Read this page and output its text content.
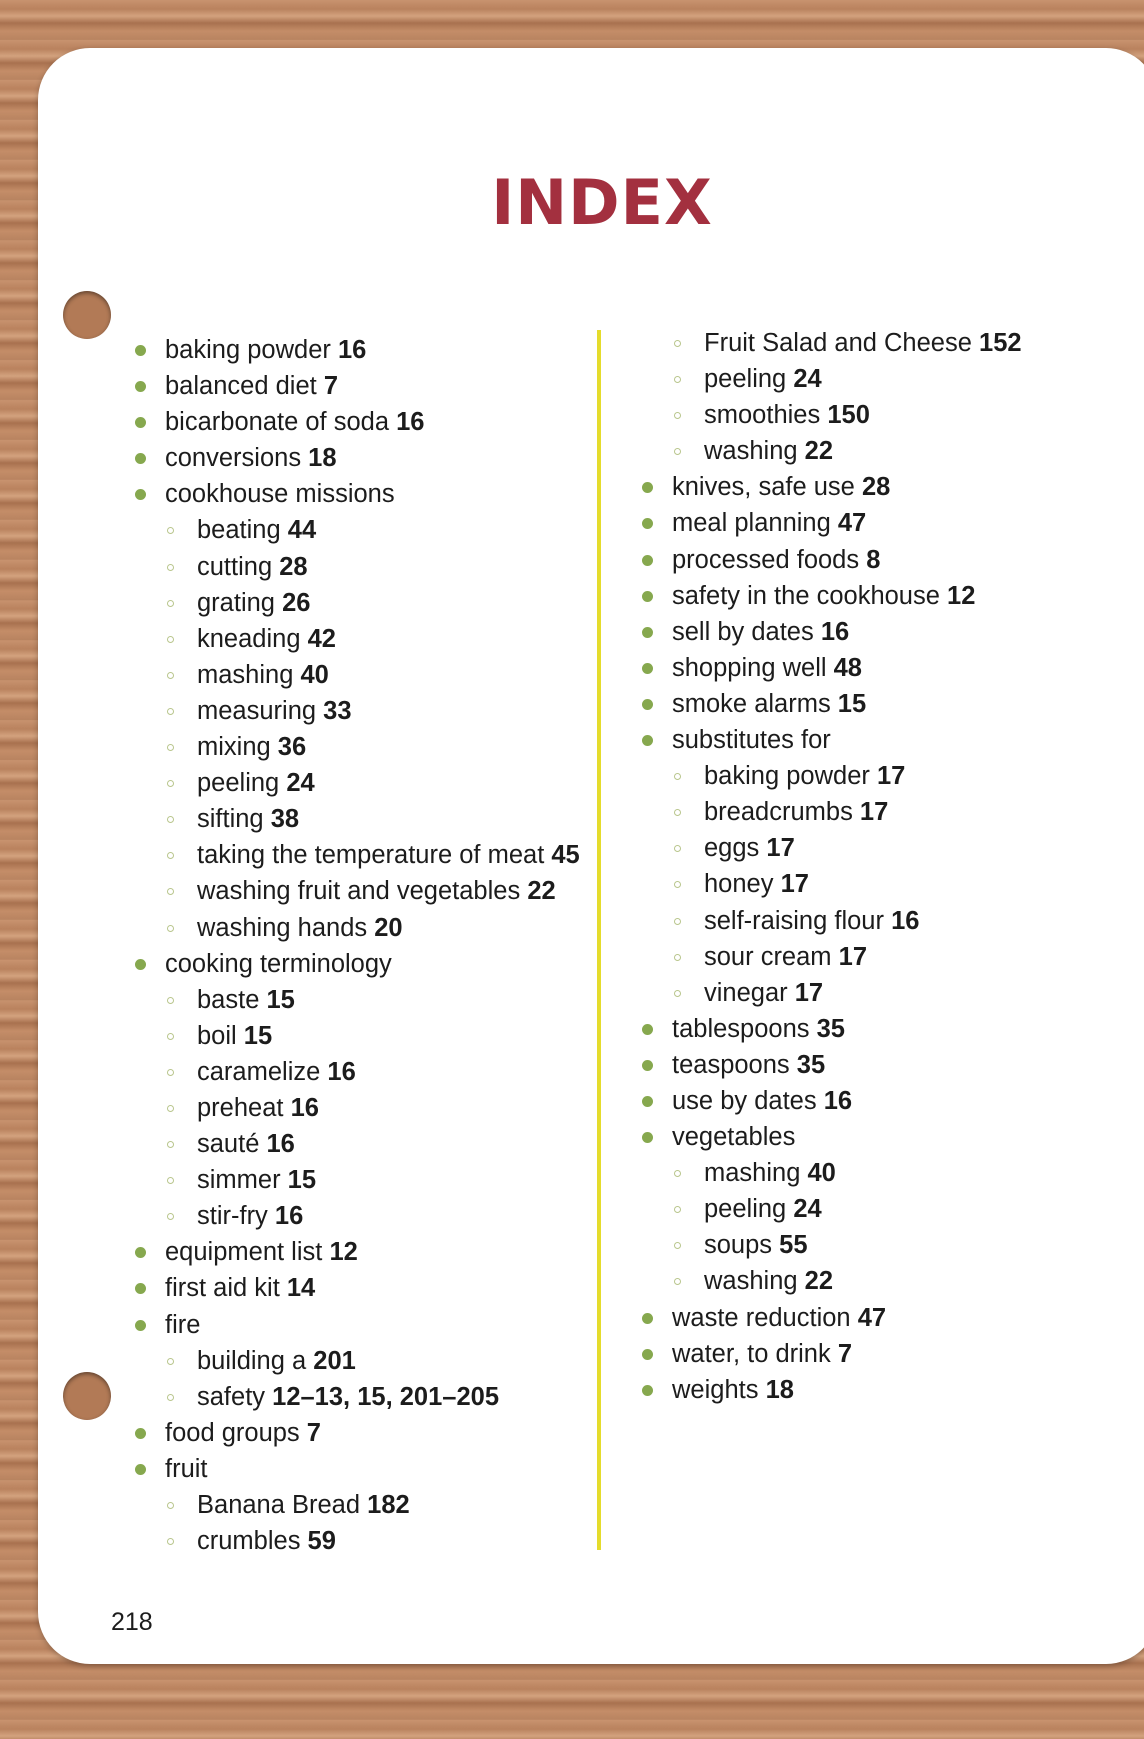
INDEX
baking powder 16
balanced diet 7
bicarbonate of soda 16
conversions 18
cookhouse missions
beating 44
cutting 28
grating 26
kneading 42
mashing 40
measuring 33
mixing 36
peeling 24
sifting 38
taking the temperature of meat 45
washing fruit and vegetables 22
washing hands 20
cooking terminology
baste 15
boil 15
caramelize 16
preheat 16
sauté 16
simmer 15
stir-fry 16
equipment list 12
first aid kit 14
fire
building a 201
safety 12–13, 15, 201–205
food groups 7
fruit
Banana Bread 182
crumbles 59
Fruit Salad and Cheese 152
peeling 24
smoothies 150
washing 22
knives, safe use 28
meal planning 47
processed foods 8
safety in the cookhouse 12
sell by dates 16
shopping well 48
smoke alarms 15
substitutes for
baking powder 17
breadcrumbs 17
eggs 17
honey 17
self-raising flour 16
sour cream 17
vinegar 17
tablespoons 35
teaspoons 35
use by dates 16
vegetables
mashing 40
peeling 24
soups 55
washing 22
waste reduction 47
water, to drink 7
weights 18
218
